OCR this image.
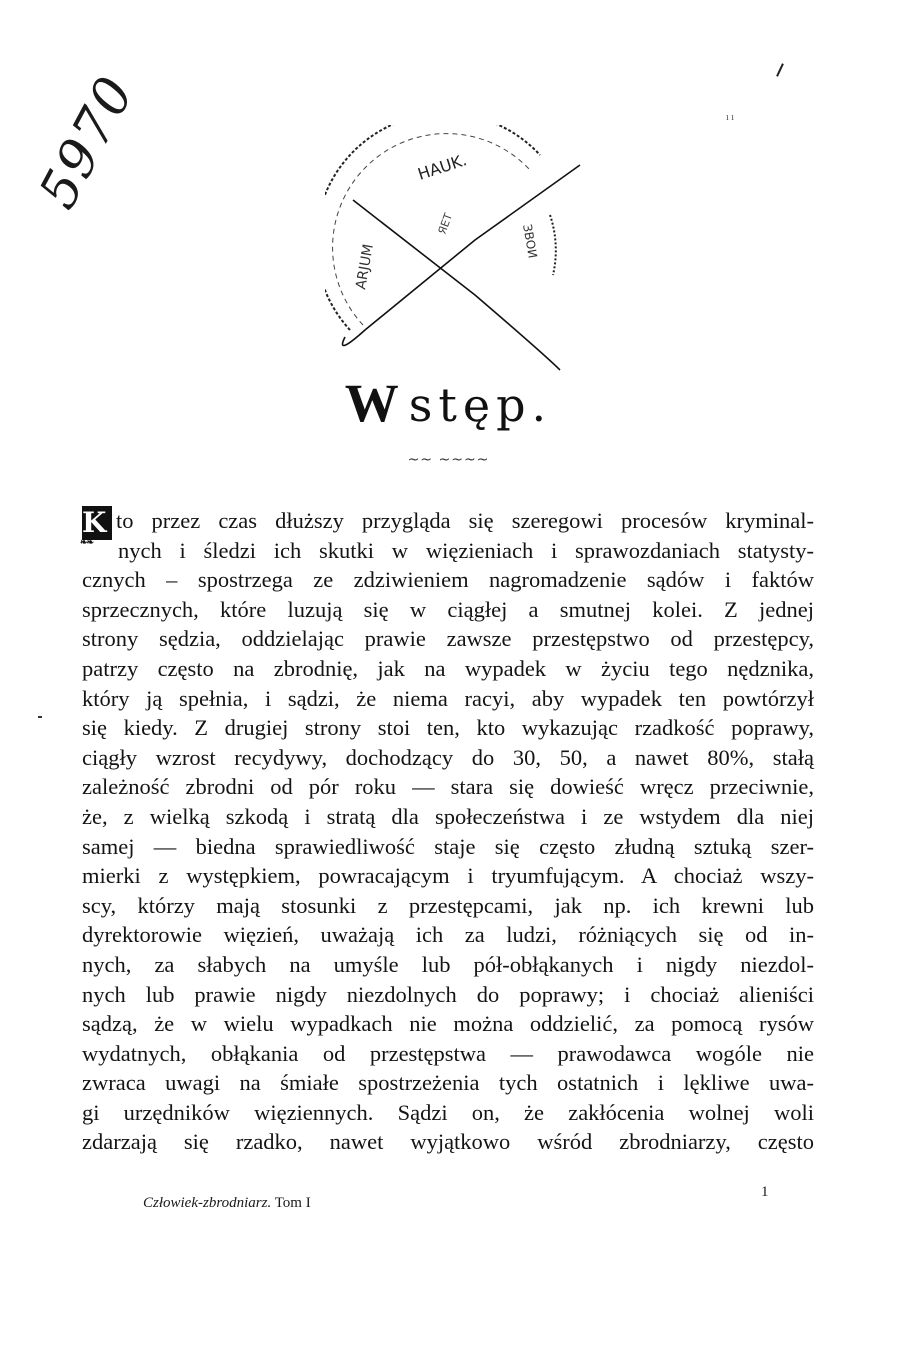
5970	ı ı
HAUK.
ARJUM
ЯЕТ	ЗВОИ
Wstęp.
~~ ~~~~
K ❧❧ to przez czas dłuższy przygląda się szeregowi procesów kryminal-
nych i śledzi ich skutki w więzieniach i sprawozdaniach statysty-
cznych – spostrzega ze zdziwieniem nagromadzenie sądów i faktów
sprzecznych, które luzują się w ciągłej a smutnej kolei. Z jednej
strony sędzia, oddzielając prawie zawsze przestępstwo od przestępcy,
patrzy często na zbrodnię, jak na wypadek w życiu tego nędznika,
który ją spełnia, i sądzi, że niema racyi, aby wypadek ten powtórzył
się kiedy. Z drugiej strony stoi ten, kto wykazując rzadkość poprawy,
ciągły wzrost recydywy, dochodzący do 30, 50, a nawet 80%, stałą
zależność zbrodni od pór roku — stara się dowieść wręcz przeciwnie,
że, z wielką szkodą i stratą dla społeczeństwa i ze wstydem dla niej
samej — biedna sprawiedliwość staje się często złudną sztuką szer-
mierki z występkiem, powracającym i tryumfującym. A chociaż wszy-
scy, którzy mają stosunki z przestępcami, jak np. ich krewni lub
dyrektorowie więzień, uważają ich za ludzi, różniących się od in-
nych, za słabych na umyśle lub pół-obłąkanych i nigdy niezdol-
nych lub prawie nigdy niezdolnych do poprawy; i chociaż alieniści
sądzą, że w wielu wypadkach nie można oddzielić, za pomocą rysów
wydatnych, obłąkania od przestępstwa — prawodawca wogóle nie
zwraca uwagi na śmiałe spostrzeżenia tych ostatnich i lękliwe uwa-
gi urzędników więziennych. Sądzi on, że zakłócenia wolnej woli
zdarzają się rzadko, nawet wyjątkowo wśród zbrodniarzy, często
Człowiek-zbrodniarz. Tom I
1
